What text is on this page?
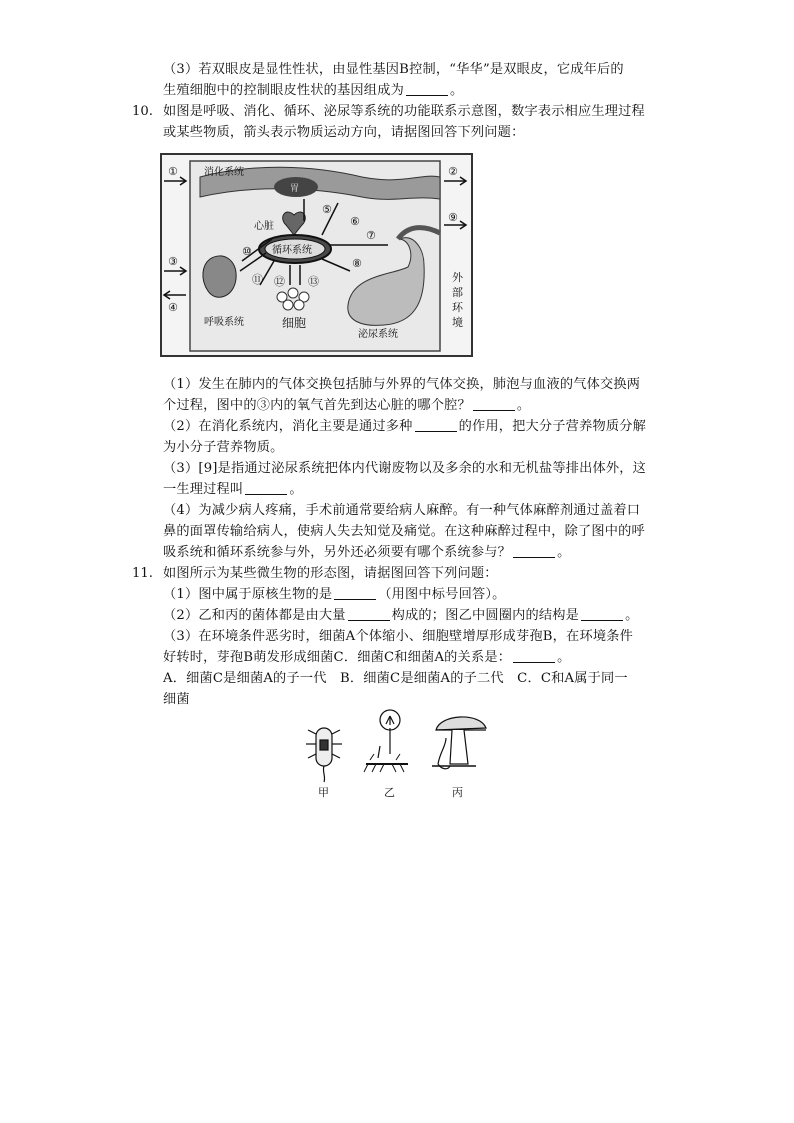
（3）若双眼皮是显性性状，由显性基因B控制，“华华”是双眼皮，它成年后的
生殖细胞中的控制眼皮性状的基因组成为	。
10. 如图是呼吸、消化、循环、泌尿等系统的功能联系示意图，数字表示相应生理过程
或某些物质，箭头表示物质运动方向，请据图回答下列问题：
①	消化系统
胃
②
⑤
⑥
心脏
循环系统
⑦
⑧
⑨
⑩
⑪ ⑫ ⑬
③
④
呼吸系统	细胞
泌尿系统
外
部
环
境
（1）发生在肺内的气体交换包括肺与外界的气体交换，肺泡与血液的气体交换两
个过程，图中的③内的氧气首先到达心脏的哪个腔？	。
（2）在消化系统内，消化主要是通过多种	的作用，把大分子营养物质分解
为小分子营养物质。
（3）[9]是指通过泌尿系统把体内代谢废物以及多余的水和无机盐等排出体外，这
一生理过程叫	。
（4）为减少病人疼痛，手术前通常要给病人麻醉。有一种气体麻醉剂通过盖着口
鼻的面罩传输给病人，使病人失去知觉及痛觉。在这种麻醉过程中，除了图中的呼
吸系统和循环系统参与外，另外还必须要有哪个系统参与？	。
11. 如图所示为某些微生物的形态图，请据图回答下列问题：
（1）图中属于原核生物的是	（用图中标号回答）。
（2）乙和丙的菌体都是由大量	构成的；图乙中圆圈内的结构是	。
（3）在环境条件恶劣时，细菌A个体缩小、细胞壁增厚形成芽孢B，在环境条件
好转时，芽孢B萌发形成细菌C．细菌C和细菌A的关系是：	。
A．细菌C是细菌A的子一代　B．细菌C是细菌A的子二代　C．C和A属于同一
细菌
甲	乙	丙
